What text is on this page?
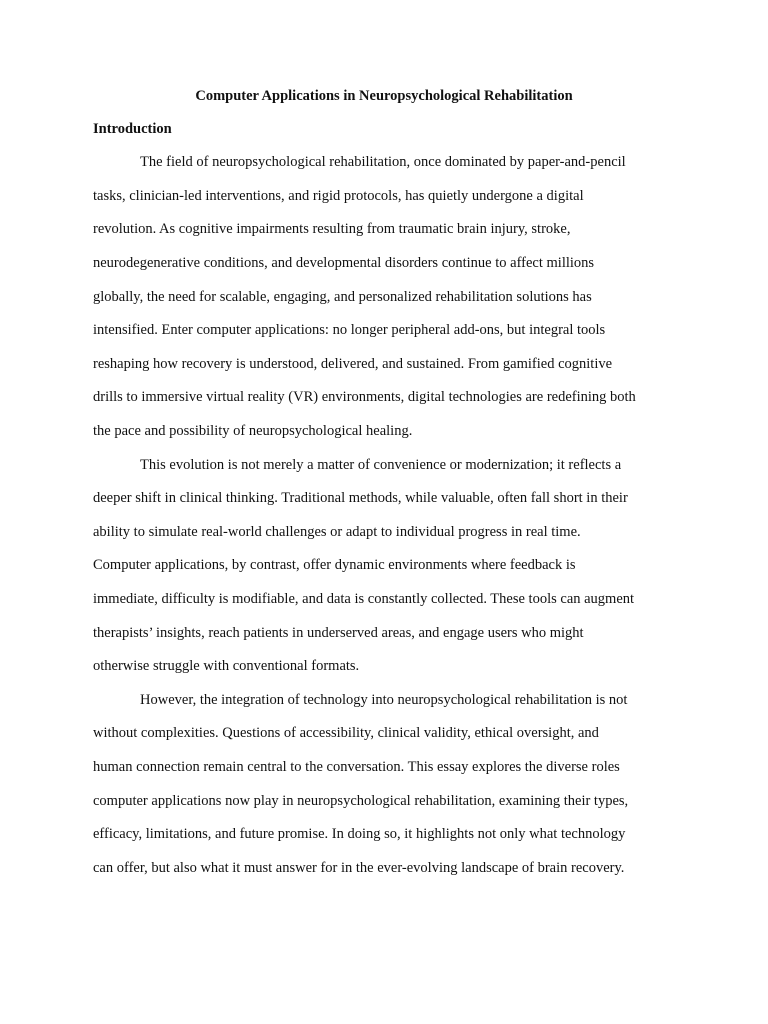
Computer Applications in Neuropsychological Rehabilitation
Introduction
The field of neuropsychological rehabilitation, once dominated by paper-and-pencil
tasks, clinician-led interventions, and rigid protocols, has quietly undergone a digital
revolution. As cognitive impairments resulting from traumatic brain injury, stroke,
neurodegenerative conditions, and developmental disorders continue to affect millions
globally, the need for scalable, engaging, and personalized rehabilitation solutions has
intensified. Enter computer applications: no longer peripheral add-ons, but integral tools
reshaping how recovery is understood, delivered, and sustained. From gamified cognitive
drills to immersive virtual reality (VR) environments, digital technologies are redefining both
the pace and possibility of neuropsychological healing.
This evolution is not merely a matter of convenience or modernization; it reflects a
deeper shift in clinical thinking. Traditional methods, while valuable, often fall short in their
ability to simulate real-world challenges or adapt to individual progress in real time.
Computer applications, by contrast, offer dynamic environments where feedback is
immediate, difficulty is modifiable, and data is constantly collected. These tools can augment
therapists’ insights, reach patients in underserved areas, and engage users who might
otherwise struggle with conventional formats.
However, the integration of technology into neuropsychological rehabilitation is not
without complexities. Questions of accessibility, clinical validity, ethical oversight, and
human connection remain central to the conversation. This essay explores the diverse roles
computer applications now play in neuropsychological rehabilitation, examining their types,
efficacy, limitations, and future promise. In doing so, it highlights not only what technology
can offer, but also what it must answer for in the ever-evolving landscape of brain recovery.
